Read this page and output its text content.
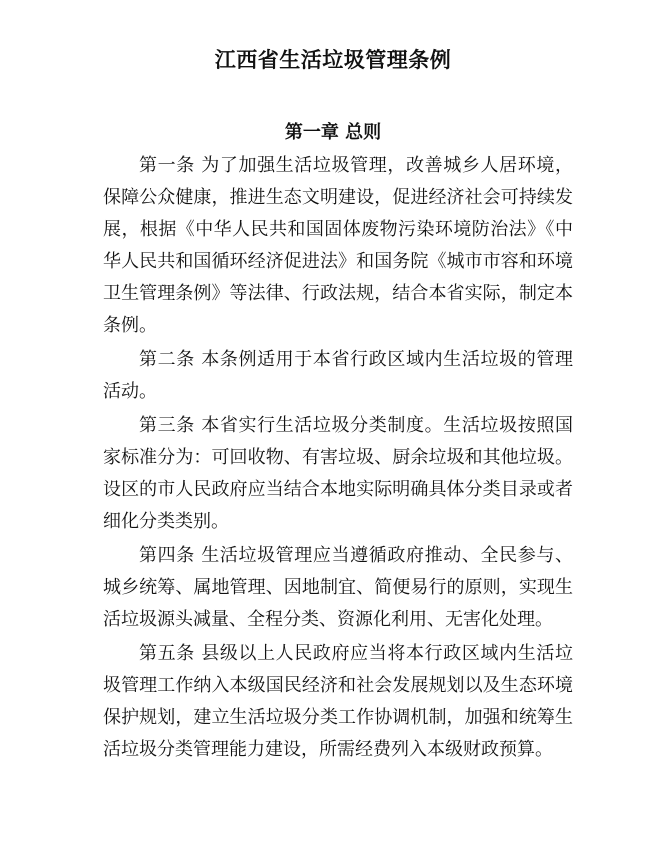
江西省生活垃圾管理条例
第一章 总则

第一条 为了加强生活垃圾管理，改善城乡人居环境，保障公众健康，推进生态文明建设，促进经济社会可持续发展，根据《中华人民共和国固体废物污染环境防治法》《中华人民共和国循环经济促进法》和国务院《城市市容和环境卫生管理条例》等法律、行政法规，结合本省实际，制定本条例。

第二条 本条例适用于本省行政区域内生活垃圾的管理活动。

第三条 本省实行生活垃圾分类制度。生活垃圾按照国家标准分为：可回收物、有害垃圾、厨余垃圾和其他垃圾。设区的市人民政府应当结合本地实际明确具体分类目录或者细化分类类别。

第四条 生活垃圾管理应当遵循政府推动、全民参与、城乡统筹、属地管理、因地制宜、简便易行的原则，实现生活垃圾源头减量、全程分类、资源化利用、无害化处理。

第五条 县级以上人民政府应当将本行政区域内生活垃圾管理工作纳入本级国民经济和社会发展规划以及生态环境保护规划，建立生活垃圾分类工作协调机制，加强和统筹生活垃圾分类管理能力建设，所需经费列入本级财政预算。
